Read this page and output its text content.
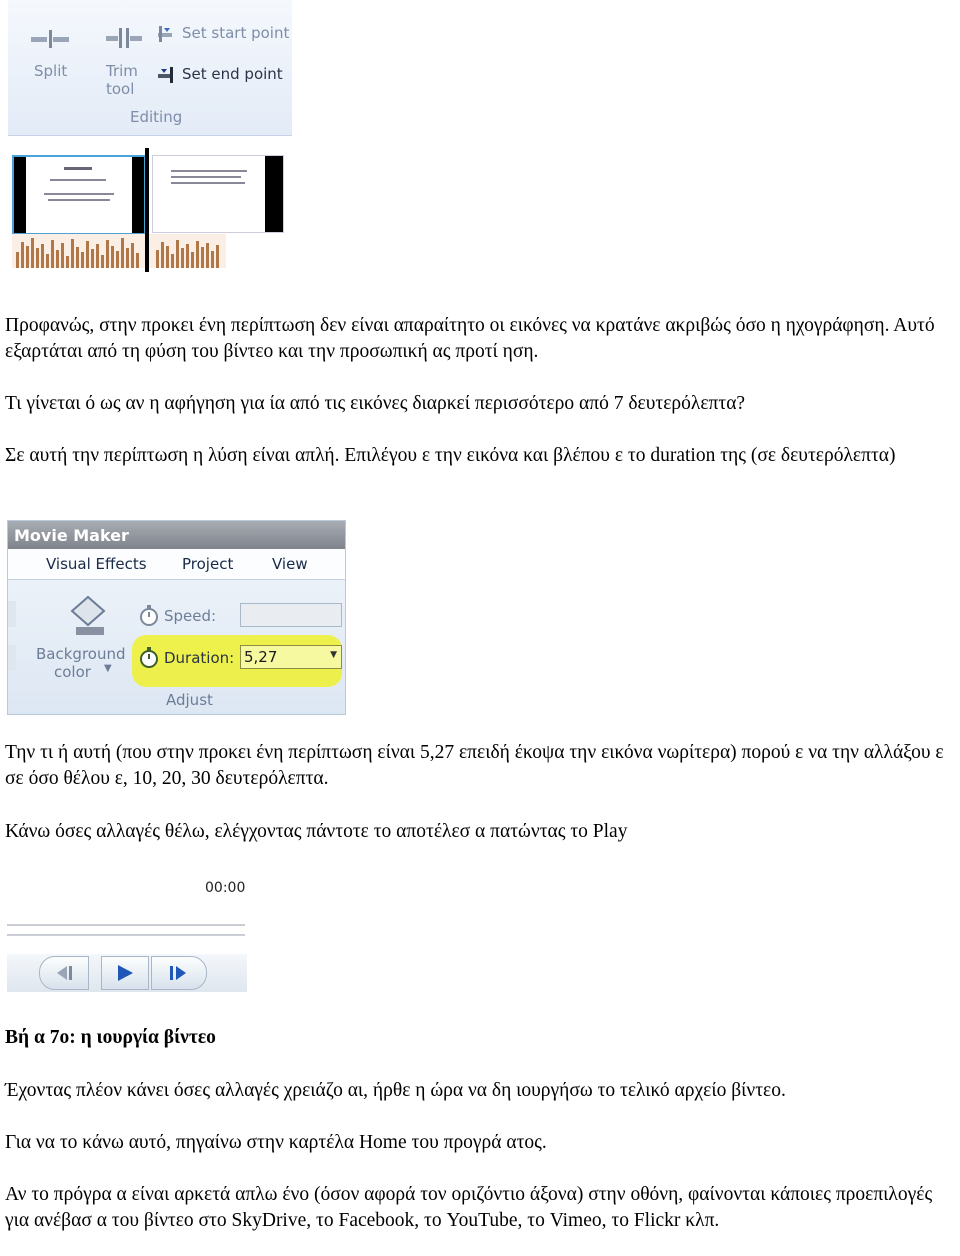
Split	Trim
tool
Set start point
Set end point
Editing

Προφανώς, στην προκει ένη περίπτωση δεν είναι απαραίτητο οι εικόνες να κρατάνε ακριβώς όσο η ηχογράφηση. Αυτό εξαρτάται από τη φύση του βίντεο και την προσωπική ας προτί ηση.

Τι γίνεται ό ως αν η αφήγηση για ία από τις εικόνες διαρκεί περισσότερο από 7 δευτερόλεπτα?

Σε αυτή την περίπτωση η λύση είναι απλή. Επιλέγου ε την εικόνα και βλέπου ε το duration της (σε δευτερόλεπτα)

Movie Maker
Visual Effects Project	View
Background
color ▼
Speed:
Duration: 5,27	▼
Adjust

Την τι ή αυτή (που στην προκει ένη περίπτωση είναι 5,27 επειδή έκοψα την εικόνα νωρίτερα) πορού ε να την αλλάξου ε σε όσο θέλου ε, 10, 20, 30 δευτερόλεπτα.

Κάνω όσες αλλαγές θέλω, ελέγχοντας πάντοτε το αποτέλεσ α πατώντας το Play

00:00

Βή α 7ο: η ιουργία βίντεο

Έχοντας πλέον κάνει όσες αλλαγές χρειάζο αι, ήρθε η ώρα να δη ιουργήσω το τελικό αρχείο βίντεο.

Για να το κάνω αυτό, πηγαίνω στην καρτέλα Home του προγρά ατος.

Αν το πρόγρα α είναι αρκετά απλω ένο (όσον αφορά τον οριζόντιο άξονα) στην οθόνη, φαίνονται κάποιες προεπιλογές για ανέβασ α του βίντεο στο SkyDrive, το Facebook, το YouTube, το Vimeo, το Flickr κλπ.
